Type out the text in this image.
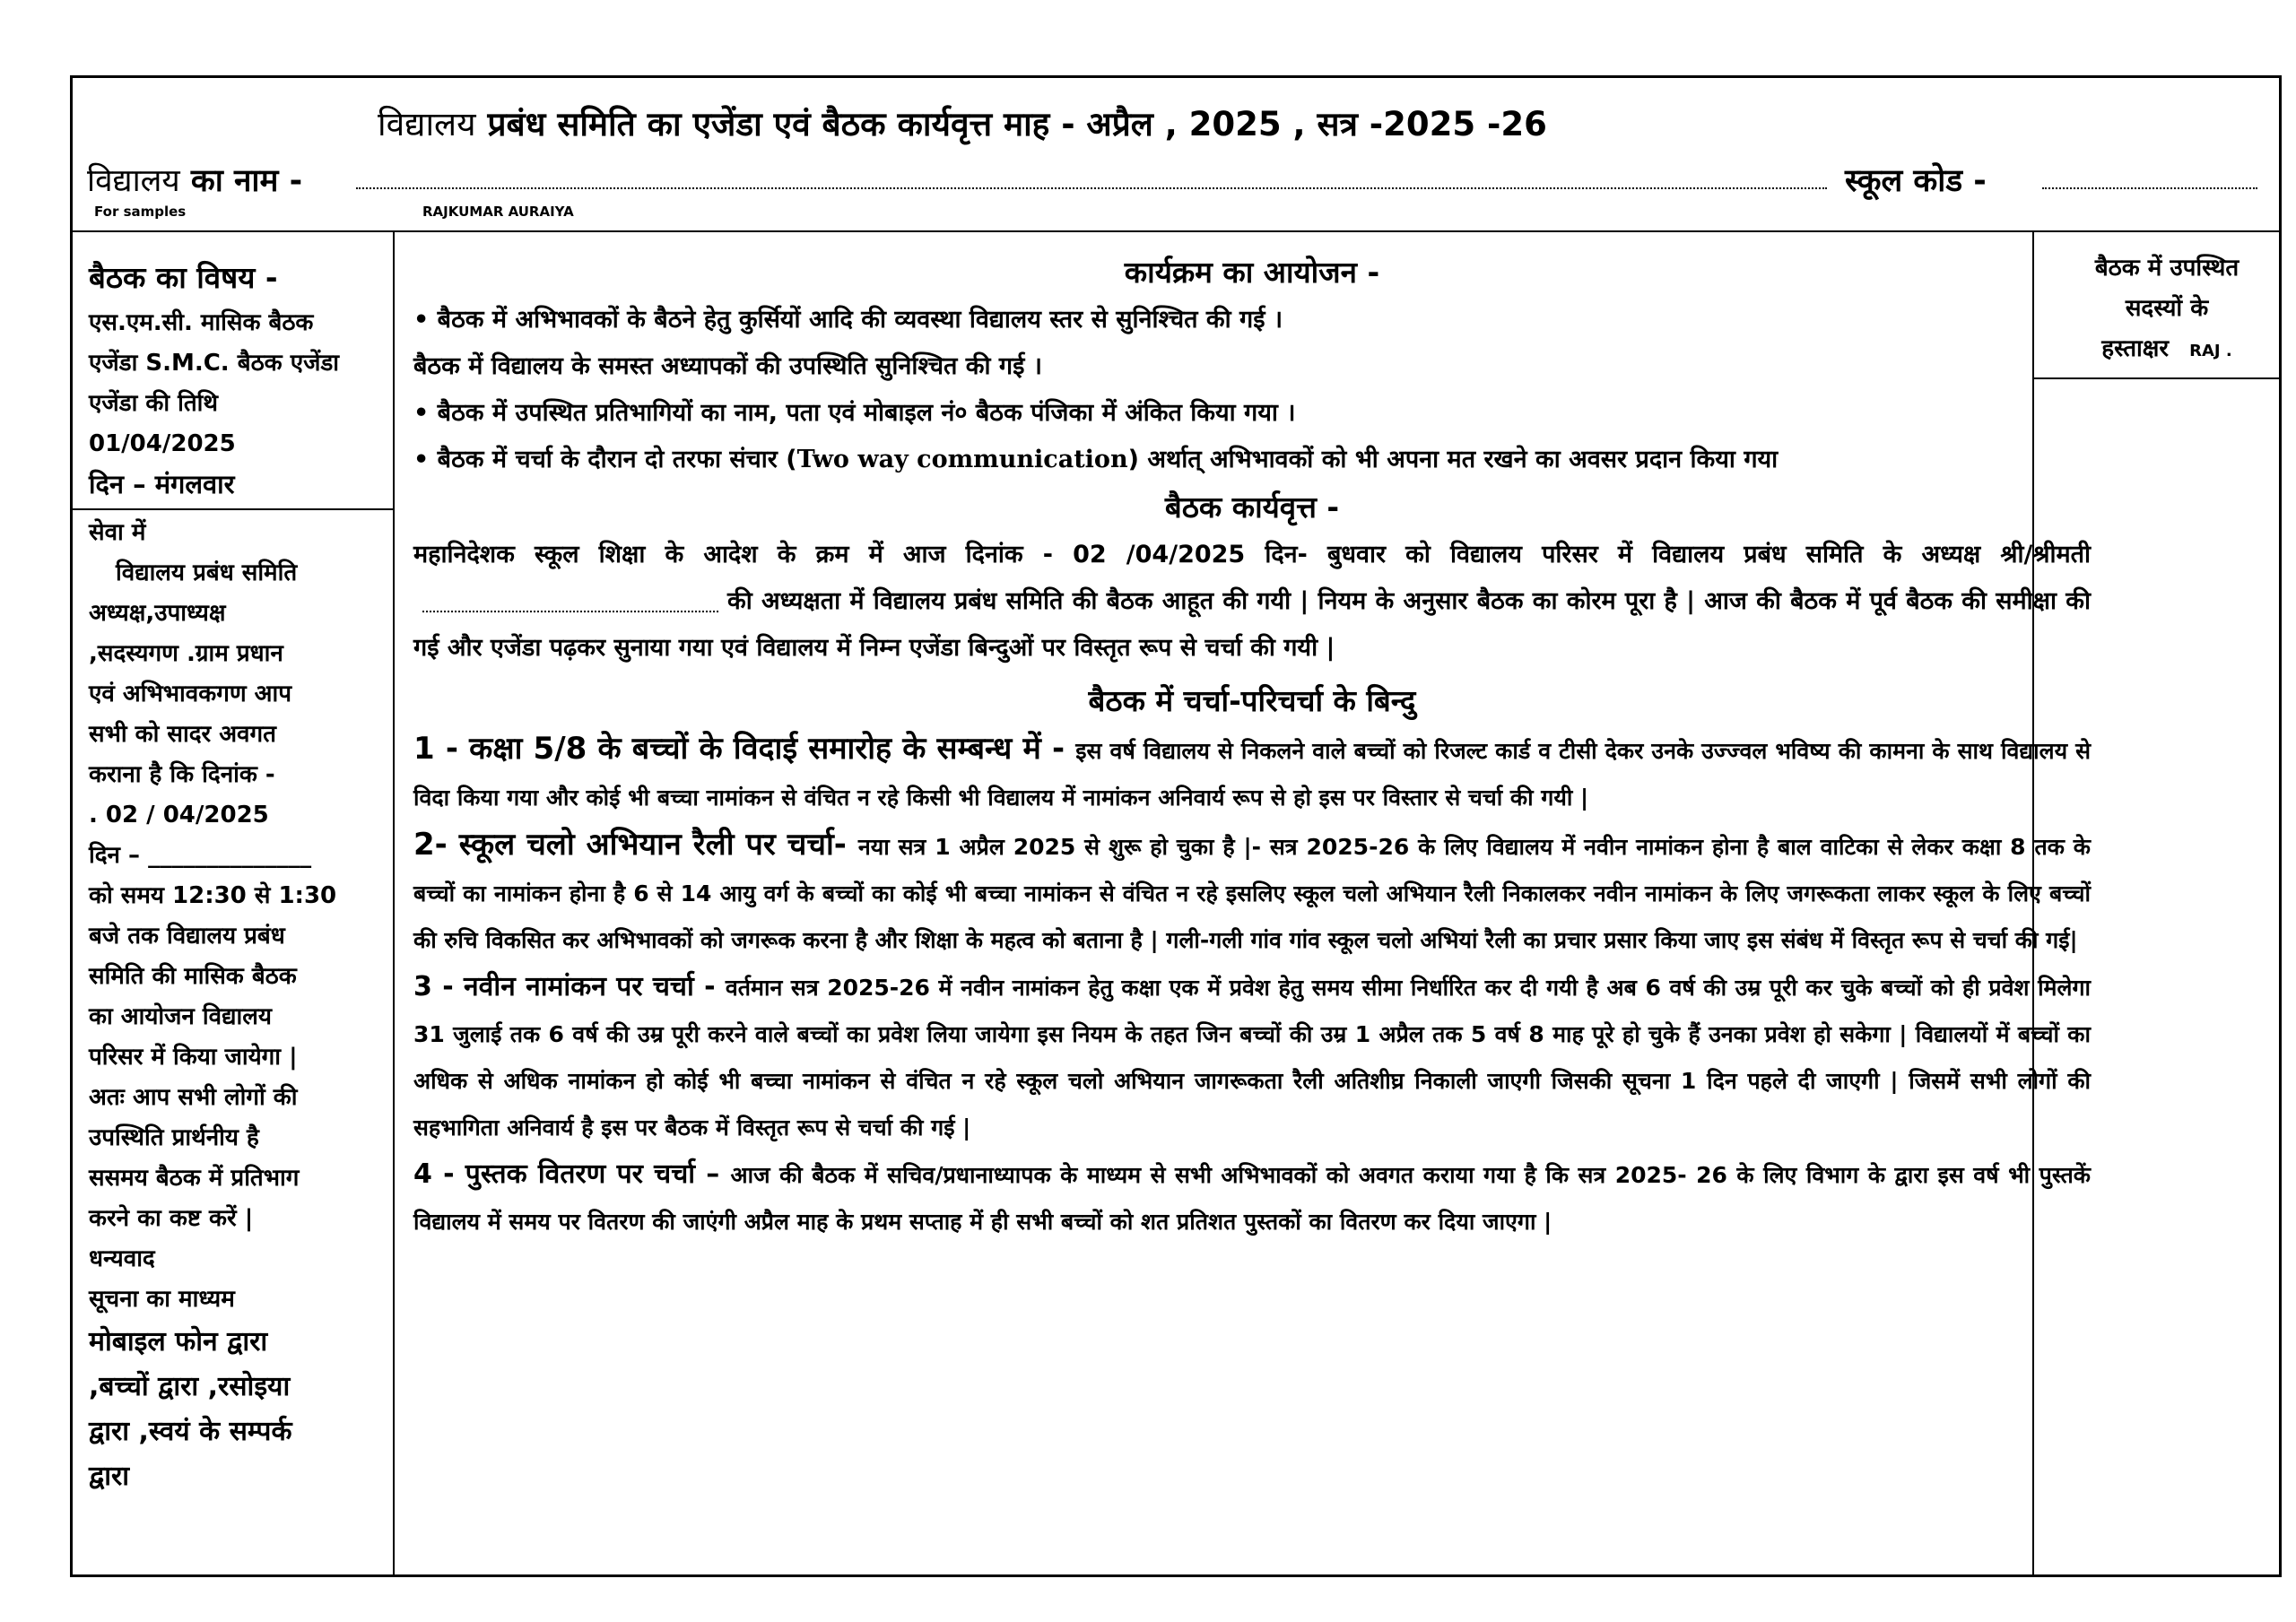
विद्यालय प्रबंध समिति का एजेंडा एवं बैठक कार्यवृत्त माह - अप्रैल , 2025 , सत्र -2025 -26
विद्यालय का नाम -	स्कूल कोड -
For samples	RAJKUMAR AURAIYA

बैठक का विषय -

एस.एम.सी. मासिक बैठक

एजेंडा S.M.C. बैठक एजेंडा

एजेंडा की तिथि

01/04/2025

दिन – मंगलवार

सेवा में

विद्यालय प्रबंध समिति

अध्यक्ष,उपाध्यक्ष

,सदस्यगण .ग्राम प्रधान

एवं अभिभावकगण आप

सभी को सादर अवगत

कराना है कि दिनांक -

. 02 / 04/2025

दिन – ______________

को समय 12:30 से 1:30

बजे तक विद्यालय प्रबंध

समिति की मासिक बैठक

का आयोजन विद्यालय

परिसर में किया जायेगा |

अतः आप सभी लोगों की

उपस्थिति प्रार्थनीय है

ससमय बैठक में प्रतिभाग

करने का कष्ट करें |

धन्यवाद

सूचना का माध्यम

मोबाइल फोन द्वारा

,बच्चों द्वारा ,रसोइया

द्वारा ,स्वयं के सम्पर्क

द्वारा

कार्यक्रम का आयोजन -
• बैठक में अभिभावकों के बैठने हेतु कुर्सियों आदि की व्यवस्था विद्यालय स्तर से सुनिश्चित की गई ।
बैठक में विद्यालय के समस्त अध्यापकों की उपस्थिति सुनिश्चित की गई ।
• बैठक में उपस्थित प्रतिभागियों का नाम, पता एवं मोबाइल नं० बैठक पंजिका में अंकित किया गया ।
• बैठक में चर्चा के दौरान दो तरफा संचार (Two way communication) अर्थात् अभिभावकों को भी अपना मत रखने का अवसर प्रदान किया गया
बैठक कार्यवृत्त -
महानिदेशक स्कूल शिक्षा के आदेश के क्रम में आज दिनांक - 02 /04/2025 दिन- बुधवार को विद्यालय परिसर में विद्यालय प्रबंध समिति के अध्यक्ष श्री/श्रीमतीकी अध्यक्षता में विद्यालय प्रबंध समिति की बैठक आहूत की गयी | नियम के अनुसार बैठक का कोरम पूरा है | आज की बैठक में पूर्व बैठक की समीक्षा की गई और एजेंडा पढ़कर सुनाया गया एवं विद्यालय में निम्न एजेंडा बिन्दुओं पर विस्तृत रूप से चर्चा की गयी |
बैठक में चर्चा-परिचर्चा के बिन्दु
1 - कक्षा 5/8 के बच्चों के विदाई समारोह के सम्बन्ध में - इस वर्ष विद्यालय से निकलने वाले बच्चों को रिजल्ट कार्ड व टीसी देकर उनके उज्ज्वल भविष्य की कामना के साथ विद्यालय से विदा किया गया और कोई भी बच्चा नामांकन से वंचित न रहे किसी भी विद्यालय में नामांकन अनिवार्य रूप से हो इस पर विस्तार से चर्चा की गयी |
2- स्कूल चलो अभियान रैली पर चर्चा- नया सत्र 1 अप्रैल 2025 से शुरू हो चुका है |- सत्र 2025-26 के लिए विद्यालय में नवीन नामांकन होना है बाल वाटिका से लेकर कक्षा 8 तक के बच्चों का नामांकन होना है 6 से 14 आयु वर्ग के बच्चों का कोई भी बच्चा नामांकन से वंचित न रहे इसलिए स्कूल चलो अभियान रैली निकालकर नवीन नामांकन के लिए जगरूकता लाकर स्कूल के लिए बच्चों की रुचि विकसित कर अभिभावकों को जगरूक करना है और शिक्षा के महत्व को बताना है | गली-गली गांव गांव स्कूल चलो अभियां रैली का प्रचार प्रसार किया जाए इस संबंध में विस्तृत रूप से चर्चा की गई|
3 - नवीन नामांकन पर चर्चा - वर्तमान सत्र 2025-26 में नवीन नामांकन हेतु कक्षा एक में प्रवेश हेतु समय सीमा निर्धारित कर दी गयी है अब 6 वर्ष की उम्र पूरी कर चुके बच्चों को ही प्रवेश मिलेगा 31 जुलाई तक 6 वर्ष की उम्र पूरी करने वाले बच्चों का प्रवेश लिया जायेगा इस नियम के तहत जिन बच्चों की उम्र 1 अप्रैल तक 5 वर्ष 8 माह पूरे हो चुके हैं उनका प्रवेश हो सकेगा | विद्यालयों में बच्चों का अधिक से अधिक नामांकन हो कोई भी बच्चा नामांकन से वंचित न रहे स्कूल चलो अभियान जागरूकता रैली अतिशीघ्र निकाली जाएगी जिसकी सूचना 1 दिन पहले दी जाएगी | जिसमें सभी लोगों की सहभागिता अनिवार्य है इस पर बैठक में विस्तृत रूप से चर्चा की गई |
4 - पुस्तक वितरण पर चर्चा – आज की बैठक में सचिव/प्रधानाध्यापक के माध्यम से सभी अभिभावकों को अवगत कराया गया है कि सत्र 2025- 26 के लिए विभाग के द्वारा इस वर्ष भी पुस्तकें विद्यालय में समय पर वितरण की जाएंगी अप्रैल माह के प्रथम सप्ताह में ही सभी बच्चों को शत प्रतिशत पुस्तकों का वितरण कर दिया जाएगा |
बैठक में उपस्थित
सदस्यों के
हस्ताक्षर RAJ .
